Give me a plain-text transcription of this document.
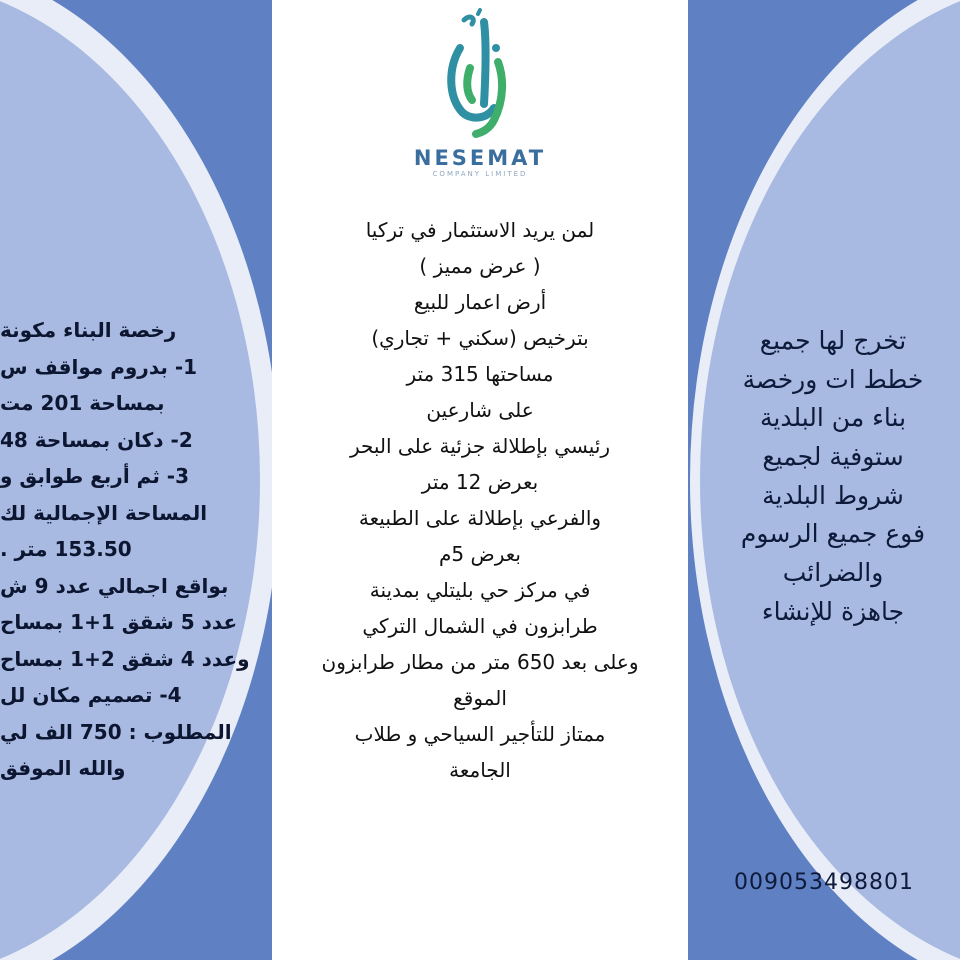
NESEMAT
COMPANY LIMITED
لمن يريد الاستثمار في تركيا
( عرض مميز )
أرض اعمار للبيع
بترخيص (سكني + تجاري)
مساحتها 315 متر
على شارعين
رئيسي بإطلالة جزئية على البحر
بعرض 12 متر
والفرعي بإطلالة على الطبيعة
بعرض 5م
في مركز حي بليتلي بمدينة
طرابزون في الشمال التركي
وعلى بعد 650 متر من مطار طرابزون
الموقع
ممتاز للتأجير السياحي و طلاب
الجامعة
رخصة البناء مكونة
1- بدروم مواقف س
بمساحة 201 مت
2- دكان بمساحة 48
3- ثم أربع طوابق و
المساحة الإجمالية لك
153.50 متر .
بواقع اجمالي عدد 9 ش
عدد 5 شقق 1+1 بمساح
وعدد 4 شقق 2+1 بمساح
4- تصميم مكان لل
المطلوب : 750 الف لي
والله الموفق
تخرج لها جميع
خطط ات ورخصة
بناء من البلدية
ستوفية لجميع
شروط البلدية
فوع جميع الرسوم
والضرائب
جاهزة للإنشاء
009053498801
